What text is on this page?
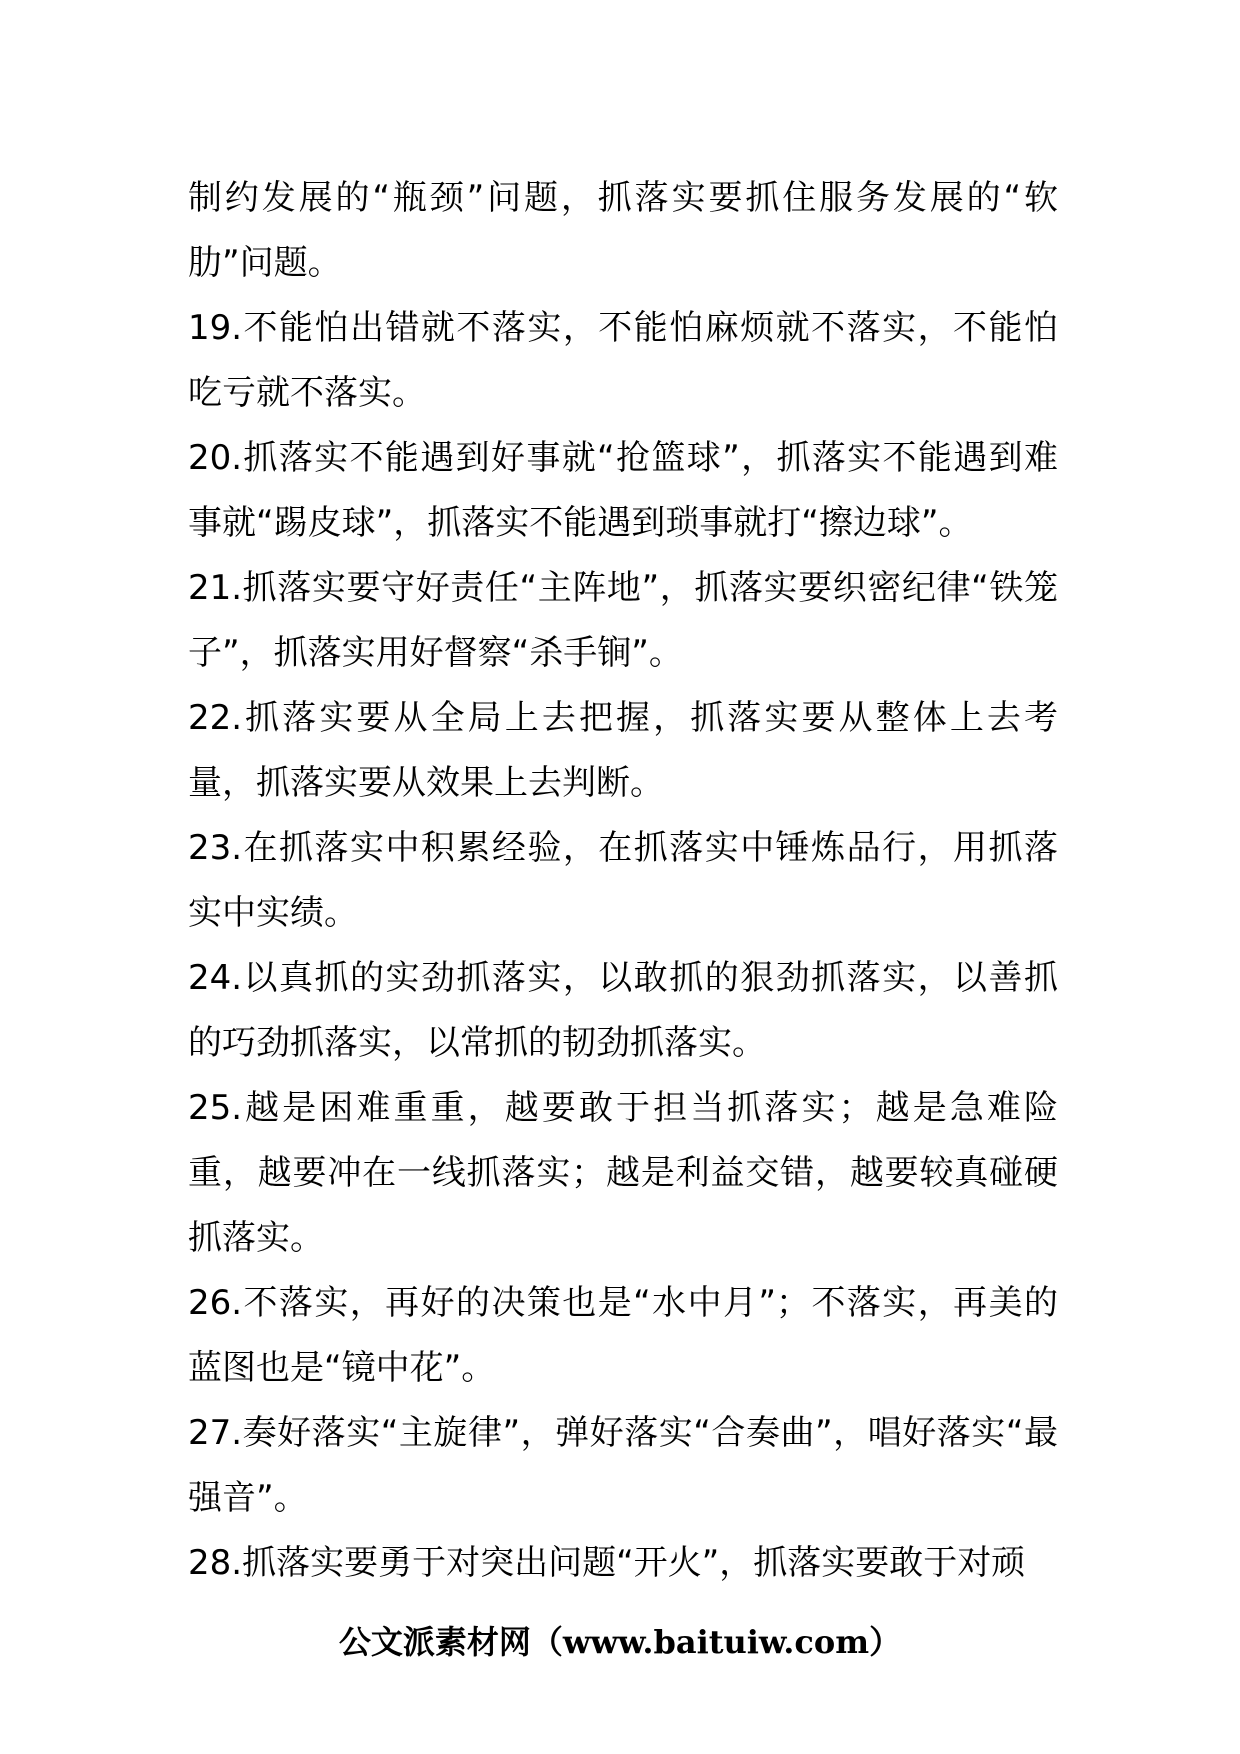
制约发展的“瓶颈”问题，抓落实要抓住服务发展的“软肋”问题。

19.不能怕出错就不落实，不能怕麻烦就不落实，不能怕吃亏就不落实。

20.抓落实不能遇到好事就“抢篮球”，抓落实不能遇到难事就“踢皮球”，抓落实不能遇到琐事就打“擦边球”。

21.抓落实要守好责任“主阵地”，抓落实要织密纪律“铁笼子”，抓落实用好督察“杀手锏”。

22.抓落实要从全局上去把握，抓落实要从整体上去考量，抓落实要从效果上去判断。

23.在抓落实中积累经验，在抓落实中锤炼品行，用抓落实中实绩。

24.以真抓的实劲抓落实，以敢抓的狠劲抓落实，以善抓的巧劲抓落实，以常抓的韧劲抓落实。

25.越是困难重重，越要敢于担当抓落实；越是急难险重，越要冲在一线抓落实；越是利益交错，越要较真碰硬抓落实。

26.不落实，再好的决策也是“水中月”；不落实，再美的蓝图也是“镜中花”。

27.奏好落实“主旋律”，弹好落实“合奏曲”，唱好落实“最强音”。

28.抓落实要勇于对突出问题“开火”，抓落实要敢于对顽

公文派素材网（www.baituiw.com）
